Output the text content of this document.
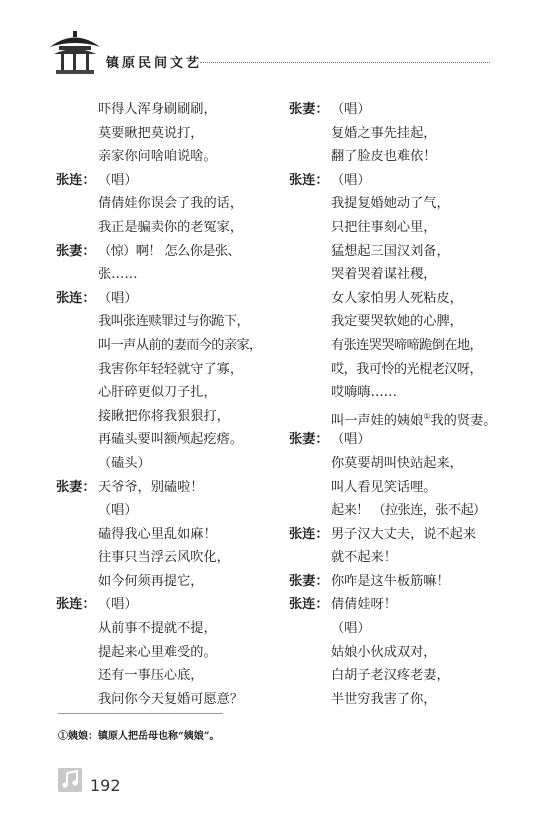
镇原民间文艺
吓得人浑身刷刷刷，
莫要瞅把莫说打，
亲家你问啥咱说啥。
张连： （唱）
倩倩娃你误会了我的话，
我正是骗卖你的老冤家，
张妻： （惊）啊！ 怎么你是张、
张……
张连： （唱）
我叫张连赎罪过与你跪下，
叫一声从前的妻而今的亲家，
我害你年轻轻就守了寡，
心肝碎更似刀子扎，
接瞅把你将我狠狠打，
再磕头要叫额颅起疙瘩。
（磕头）
张妻： 天爷爷，别磕啦！
（唱）
磕得我心里乱如麻！
往事只当浮云风吹化，
如今何须再提它，
张连： （唱）
从前事不提就不提，
提起来心里难受的。
还有一事压心底，
我问你今天复婚可愿意？
张妻： （唱）
复婚之事先挂起，
翻了脸皮也难依！
张连： （唱）
我提复婚她动了气，
只把往事刻心里，
猛想起三国汉刘备，
哭着哭着谋社稷，
女人家怕男人死粘皮，
我定要哭软她的心脾，
有张连哭哭啼啼跪倒在地，
哎，我可怜的光棍老汉呀，
哎嗨嗨……
叫一声娃的姨娘①我的贤妻。
张妻： （唱）
你莫要胡叫快站起来，
叫人看见笑话哩。
起来！ （拉张连，张不起）
张连： 男子汉大丈夫，说不起来
就不起来！
张妻： 你咋是这牛板筋嘛！
张连： 倩倩娃呀！
（唱）
姑娘小伙成双对，
白胡子老汉疼老妻，
半世穷我害了你，
①姨娘：镇原人把岳母也称“姨娘”。
192
